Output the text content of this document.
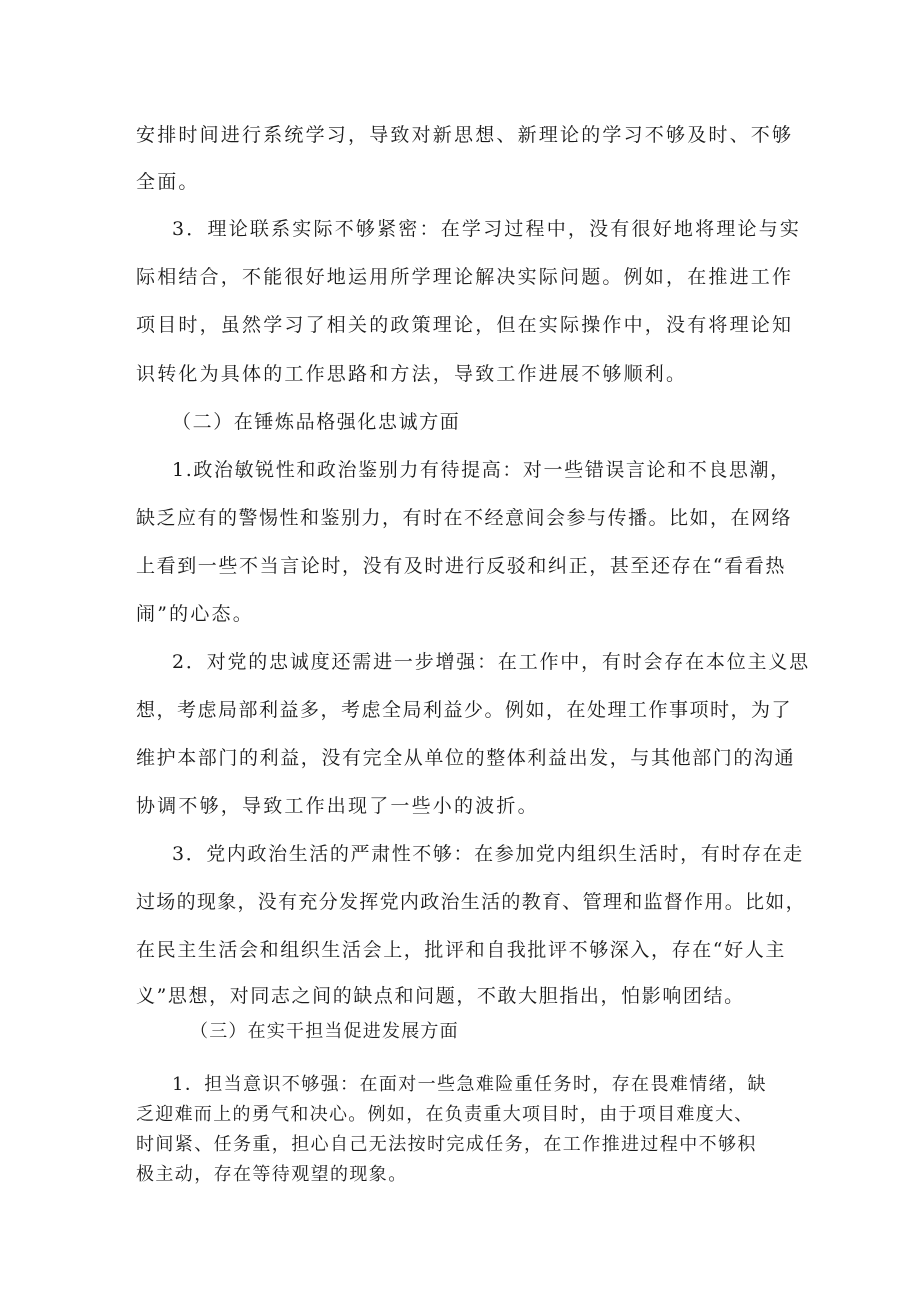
安排时间进行系统学习，导致对新思想、新理论的学习不够及时、不够
全面。
3．理论联系实际不够紧密：在学习过程中，没有很好地将理论与实
际相结合，不能很好地运用所学理论解决实际问题。例如，在推进工作
项目时，虽然学习了相关的政策理论，但在实际操作中，没有将理论知
识转化为具体的工作思路和方法，导致工作进展不够顺利。
（二）在锤炼品格强化忠诚方面
1.政治敏锐性和政治鉴别力有待提高：对一些错误言论和不良思潮，
缺乏应有的警惕性和鉴别力，有时在不经意间会参与传播。比如，在网络
上看到一些不当言论时，没有及时进行反驳和纠正，甚至还存在“看看热
闹”的心态。
2．对党的忠诚度还需进一步增强：在工作中，有时会存在本位主义思
想，考虑局部利益多，考虑全局利益少。例如，在处理工作事项时，为了
维护本部门的利益，没有完全从单位的整体利益出发，与其他部门的沟通
协调不够，导致工作出现了一些小的波折。
3．党内政治生活的严肃性不够：在参加党内组织生活时，有时存在走
过场的现象，没有充分发挥党内政治生活的教育、管理和监督作用。比如，
在民主生活会和组织生活会上，批评和自我批评不够深入，存在“好人主
义”思想，对同志之间的缺点和问题，不敢大胆指出，怕影响团结。
（三）在实干担当促进发展方面
1．担当意识不够强：在面对一些急难险重任务时，存在畏难情绪，缺
乏迎难而上的勇气和决心。例如，在负责重大项目时，由于项目难度大、
时间紧、任务重，担心自己无法按时完成任务，在工作推进过程中不够积
极主动，存在等待观望的现象。
